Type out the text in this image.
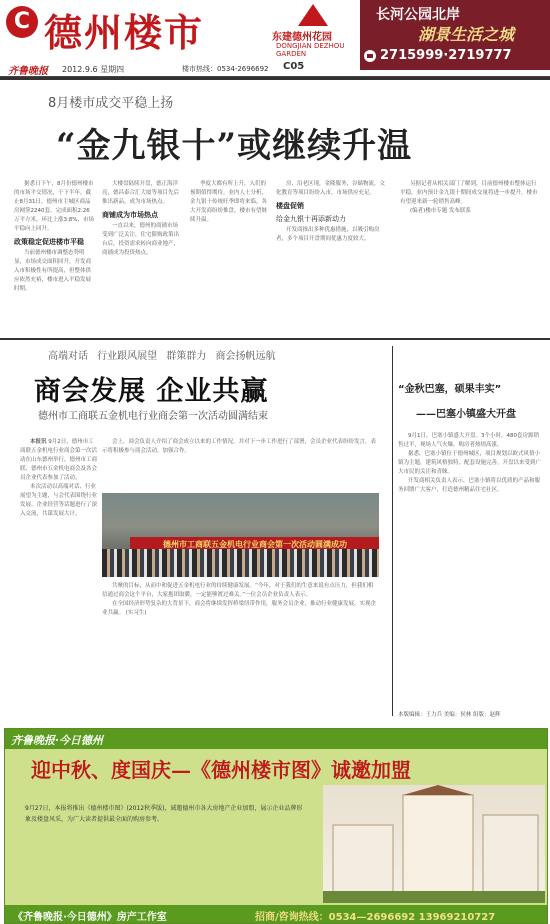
C 德州楼市	东建德州花园
DONGJIAN DEZHOU GARDEN
长河公园北岸
湖景生活之城
2715999·2719777
齐鲁晚报 2012.9.6 星期四	楼市热线：0534-2696692 C05
8月楼市成交平稳上扬
“金九银十”或继续升温

据悉日下午，8月份德州楼市的市场平交情况，于下半年，截止8月31日，德州市主城区商品房网签2240套，完成面积2.26万平方米，环比上涨3.8%，市场平稳向上回升。

政策稳定促进楼市平稳

当前德州楼市调整态势明显，市场成交面积回升，开发商入市积极性有所提高，但整体供应依然充裕，楼市进入平稳发展时期。

大楼盘陆续开盘，德正海洋亮，德昌泰合汇大厦等项目先后推出新品，成为市场热点。

商铺成为市场热点

一直以来，德州的商铺市场受到广泛关注，住宅限购政策出台后，投资需求转向商业地产，商铺成为投资热点。

季度大都有所上升，入们的预期值得期待。业内人士分析，金九银十传统旺季即将来临，各大开发商纷纷推盘，楼市有望继续升温。

房、沿老区现，金隆服务，谷储物流，文化教育等项目纷纷入市，市场供应充足。

楼盘促销
给金九银十再添新动力

开发商推出多种优惠措施，以吸引购房者，多个项目开盘期间优惠力度较大。

另据记者从相关部门了解到，目前德州楼市整体运行平稳，业内预计金九银十期间成交量将进一步提升，楼市有望迎来新一轮销售高峰。

(编者)楼市专题 发布联系

高端对话 行业跟风展望 群策群力 商会扬帆远航
商会发展 企业共赢
德州市工商联五金机电行业商会第一次活动圆满结束

本报讯 9月2日，德州市工商联五金机电行业商会第一次活动在山东德州举行，德州市工商联、德州市五金机电商会及各会员企业代表参加了活动。

本次活动以高端对话、行业展望为主题，与会代表围绕行业发展、企业经营等话题进行了深入交流，共谋发展大计。

会上，商会负责人介绍了商会成立以来的工作情况，并对下一步工作进行了部署，会员企业代表纷纷发言，表示将积极参与商会活动，加强合作。

德州市工商联五金机电行业商会第一次活动圆满成功

共聚的目标，从而中和促进五金机电行业的持续健康发展。“今年，对于我们的生意来说有点压力，但我们相信通过商会这个平台，大家抱团取暖，一定能够渡过难关。”一位会员企业负责人表示。

在全国经济形势复杂的大背景下，商会将继续发挥桥梁纽带作用，服务会员企业，推动行业健康发展，实现企业共赢。 (实习生)

“金秋巴塞，硕果丰实”
——巴塞小镇盛大开盘

9月1日，巴塞小镇盛大开盘。3个小时，480套房源销售过半，现场人气火爆，购房者热情高涨。

据悉，巴塞小镇位于德州城区，项目规划以欧式风情小镇为主题，建筑风格独特，配套设施完善，开盘以来受到广大市民的关注和青睐。

开发商相关负责人表示，巴塞小镇将以优质的产品和服务回馈广大客户，打造德州精品住宅社区。

本版编辑：王力兵 美编：侯林 组版：赵辉
齐鲁晚报·今日德州
迎中秋、度国庆—《德州楼市图》诚邀加盟
9月27日，本报将推出《德州楼市图》(2012秋季版)，诚邀德州市各大房地产企业加盟，展示企业品牌形象及楼盘风采，为广大读者提供最全面的购房参考。
《齐鲁晚报·今日德州》房产工作室	招商/咨询热线：0534—2696692 13969210727
